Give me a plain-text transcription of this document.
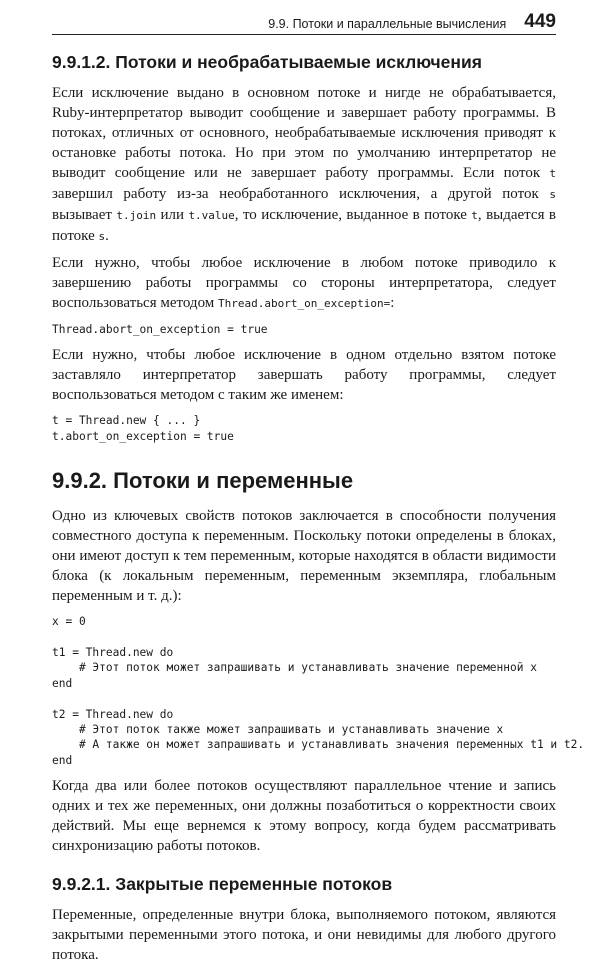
9.9. Потоки и параллельные вычисления 449
9.9.1.2. Потоки и необрабатываемые исключения

Если исключение выдано в основном потоке и нигде не обрабатывается, Ruby-интерпретатор выводит сообщение и завершает работу программы. В потоках, отличных от основного, необрабатываемые исключения приводят к остановке работы потока. Но при этом по умолчанию интерпретатор не выводит сообщение или не завершает работу программы. Если поток t завершил работу из-за необработанного исключения, а другой поток s вызывает t.join или t.value, то исключение, выданное в потоке t, выдается в потоке s.

Если нужно, чтобы любое исключение в любом потоке приводило к завершению работы программы со стороны интерпретатора, следует воспользоваться методом Thread.abort_on_exception=:

Thread.abort_on_exception = true

Если нужно, чтобы любое исключение в одном отдельно взятом потоке заставляло интерпретатор завершать работу программы, следует воспользоваться методом с таким же именем:

t = Thread.new { ... }
t.abort_on_exception = true
9.9.2. Потоки и переменные

Одно из ключевых свойств потоков заключается в способности получения совместного доступа к переменным. Поскольку потоки определены в блоках, они имеют доступ к тем переменным, которые находятся в области видимости блока (к локальным переменным, переменным экземпляра, глобальным переменным и т. д.):

x = 0

t1 = Thread.new do
# Этот поток может запрашивать и устанавливать значение переменной x
end

t2 = Thread.new do
# Этот поток также может запрашивать и устанавливать значение x
# А также он может запрашивать и устанавливать значения переменных t1 и t2.
end

Когда два или более потоков осуществляют параллельное чтение и запись одних и тех же переменных, они должны позаботиться о корректности своих действий. Мы еще вернемся к этому вопросу, когда будем рассматривать синхронизацию работы потоков.

9.9.2.1. Закрытые переменные потоков

Переменные, определенные внутри блока, выполняемого потоком, являются закрытыми переменными этого потока, и они невидимы для любого другого потока.
